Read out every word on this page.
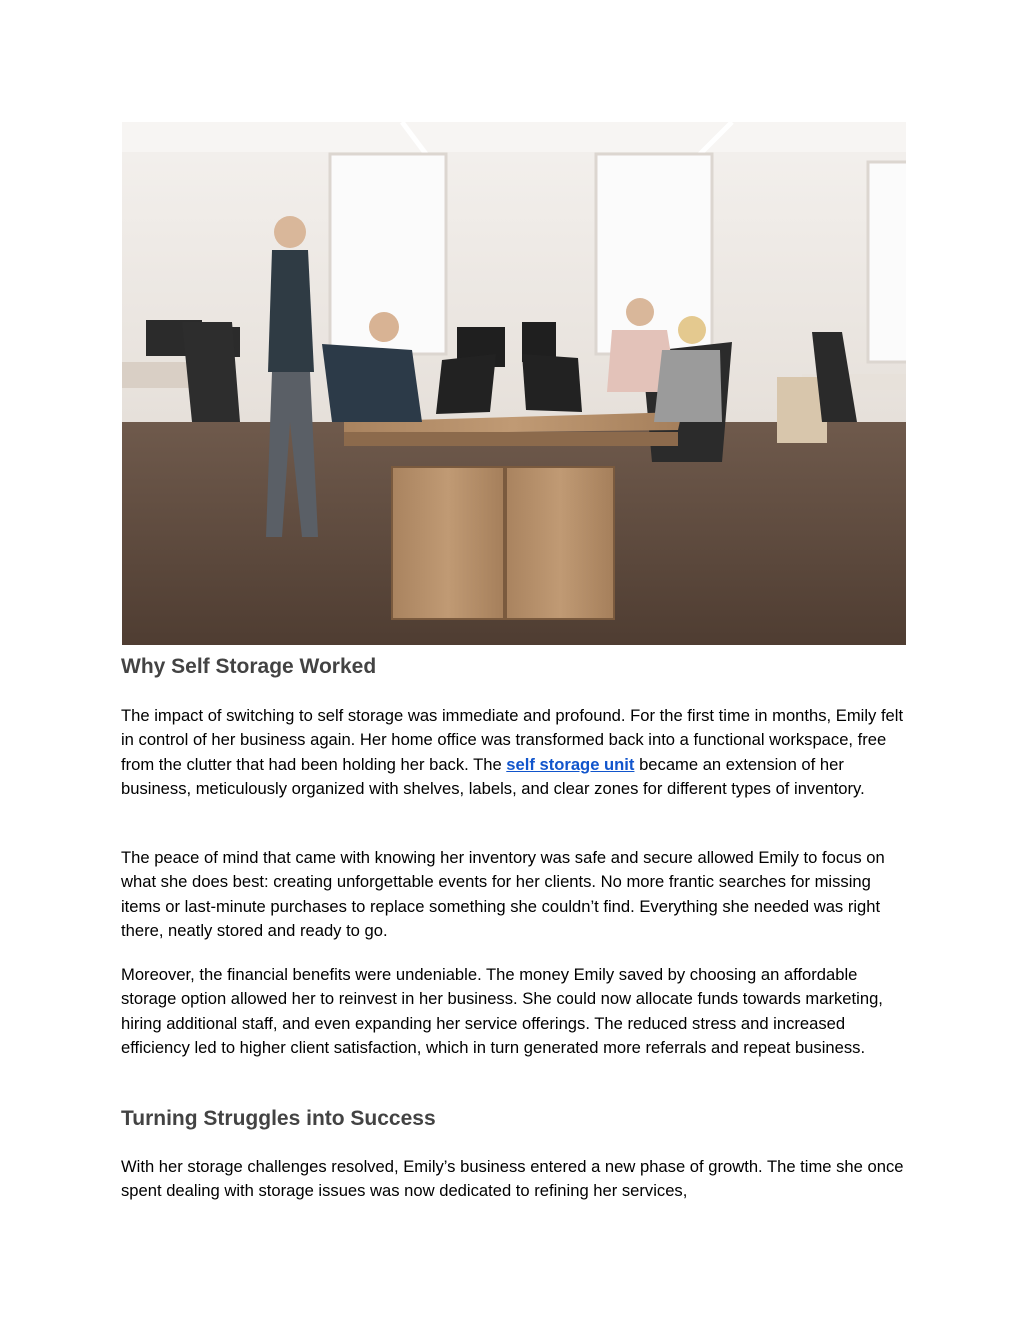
Why Self Storage Worked

The impact of switching to self storage was immediate and profound. For the first time in months, Emily felt in control of her business again. Her home office was transformed back into a functional workspace, free from the clutter that had been holding her back. The self storage unit became an extension of her business, meticulously organized with shelves, labels, and clear zones for different types of inventory.

The peace of mind that came with knowing her inventory was safe and secure allowed Emily to focus on what she does best: creating unforgettable events for her clients. No more frantic searches for missing items or last-minute purchases to replace something she couldn’t find. Everything she needed was right there, neatly stored and ready to go.

Moreover, the financial benefits were undeniable. The money Emily saved by choosing an affordable storage option allowed her to reinvest in her business. She could now allocate funds towards marketing, hiring additional staff, and even expanding her service offerings. The reduced stress and increased efficiency led to higher client satisfaction, which in turn generated more referrals and repeat business.

Turning Struggles into Success

With her storage challenges resolved, Emily’s business entered a new phase of growth. The time she once spent dealing with storage issues was now dedicated to refining her services,
